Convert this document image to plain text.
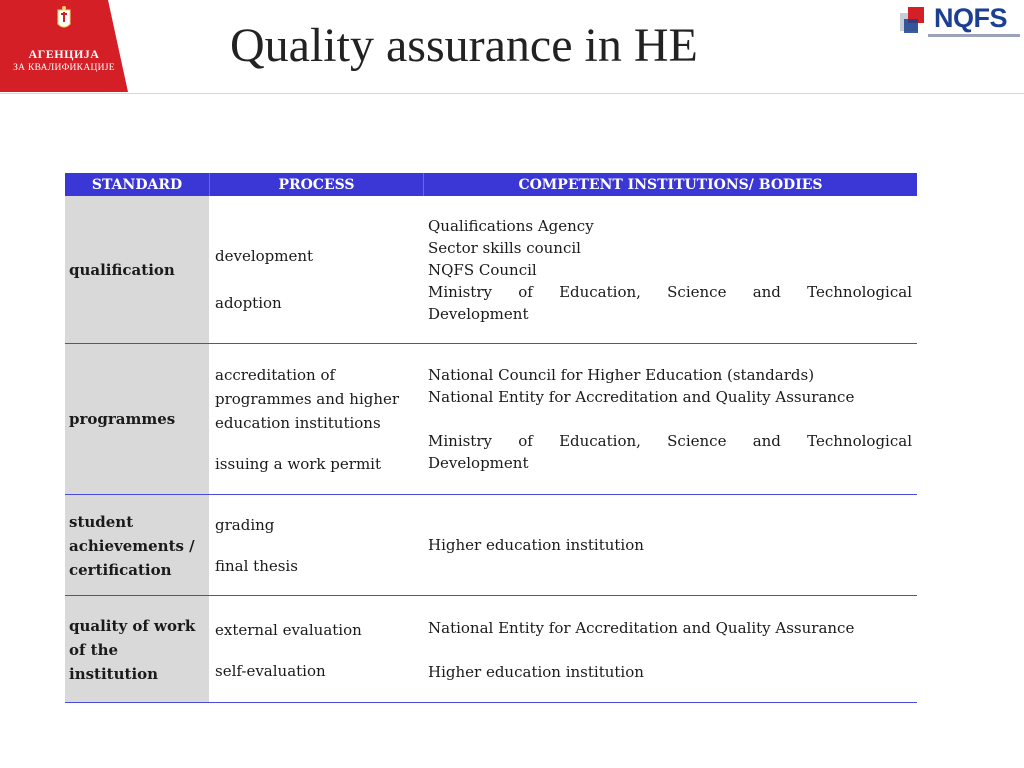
АГЕНЦИЈА
ЗА КВАЛИФИКАЦИЈЕ Quality assurance in HE
NQFS
STANDARD	PROCESS	COMPETENT INSTITUTIONS/ BODIES
qualification
development
adoption
Qualifications Agency
Sector skills council
NQFS Council
Ministry of Education, Science and Technological
Development
programmes
accreditation of
programmes and higher
education institutions
issuing a work permit
National Council for Higher Education (standards)
National Entity for Accreditation and Quality Assurance
Ministry of Education, Science and Technological
Development
student
achievements /
certification
grading
final thesis
Higher education institution
quality of work
of the
institution
external evaluation
self-evaluation
National Entity for Accreditation and Quality Assurance
Higher education institution
